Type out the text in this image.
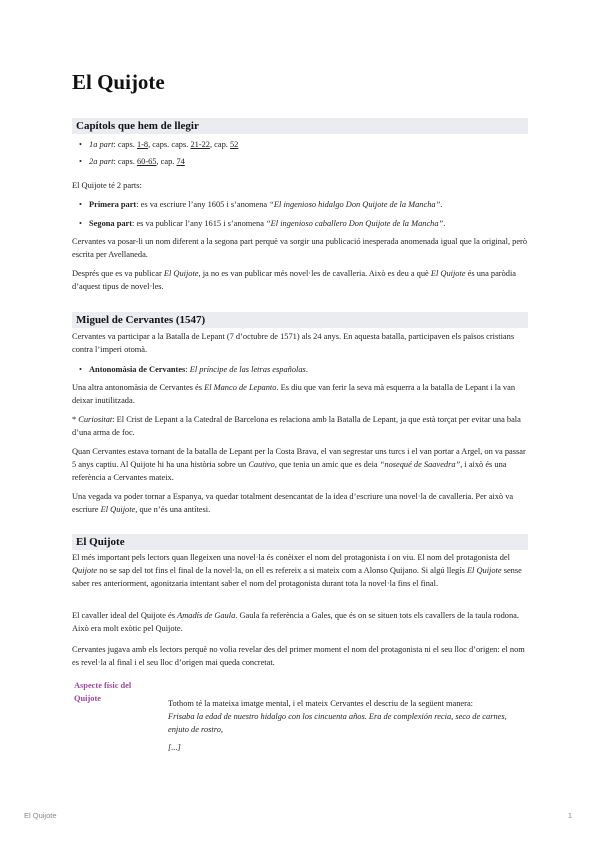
El Quijote
Capítols que hem de llegir
• 1a part: caps. 1-8, caps. caps. 21-22, cap. 52
• 2a part: caps. 60-65, cap. 74

El Quijote té 2 parts:

• Primera part: es va escriure l’any 1605 i s’anomena “El ingenioso hidalgo Don Quijote de la Mancha”.
• Segona part: es va publicar l’any 1615 i s’anomena “El ingenioso caballero Don Quijote de la Mancha”.

Cervantes va posar-li un nom diferent a la segona part perquè va sorgir una publicació inesperada anomenada igual que la original, però escrita per Avellaneda.

Després que es va publicar El Quijote, ja no es van publicar més novel·les de cavalleria. Això es deu a què El Quijote és una paròdia d’aquest tipus de novel·les.

Miguel de Cervantes (1547)

Cervantes va participar a la Batalla de Lepant (7 d’octubre de 1571) als 24 anys. En aquesta batalla, participaven els països cristians contra l’imperi otomà.

• Antonomàsia de Cervantes: El príncipe de las letras españolas.

Una altra antonomàsia de Cervantes és El Manco de Lepanto. Es diu que van ferir la seva mà esquerra a la batalla de Lepant i la van deixar inutilitzada.

* Curiositat: El Crist de Lepant a la Catedral de Barcelona es relaciona amb la Batalla de Lepant, ja que està torçat per evitar una bala d’una arma de foc.

Quan Cervantes estava tornant de la batalla de Lepant per la Costa Brava, el van segrestar uns turcs i el van portar a Argel, on va passar 5 anys captiu. Al Quijote hi ha una història sobre un Cautivo, que tenia un amic que es deia “nosequé de Saavedra”, i això és una referència a Cervantes mateix.

Una vegada va poder tornar a Espanya, va quedar totalment desencantat de la idea d’escriure una novel·la de cavalleria. Per això va escriure El Quijote, que n’és una antítesi.

El Quijote

El més important pels lectors quan llegeixen una novel·la és conèixer el nom del protagonista i on viu. El nom del protagonista del Quijote no se sap del tot fins el final de la novel·la, on ell es refereix a si mateix com a Alonso Quijano. Si algú llegís El Quijote sense saber res anteriorment, agonitzaria intentant saber el nom del protagonista durant tota la novel·la fins el final.

El cavaller ideal del Quijote és Amadís de Gaula. Gaula fa referència a Gales, que és on se situen tots els cavallers de la taula rodona. Això era molt exòtic pel Quijote.

Cervantes jugava amb els lectors perquè no volia revelar des del primer moment el nom del protagonista ni el seu lloc d’origen: el nom es revel·la al final i el seu lloc d’origen mai queda concretat.

Aspecte físic del Quijote
Tothom té la mateixa imatge mental, i el mateix Cervantes el descriu de la següent manera:
Frisaba la edad de nuestro hidalgo con los cincuenta años. Era de complexión recia, seco de carnes, enjuto de rostro,
[...]
El Quijote	1
